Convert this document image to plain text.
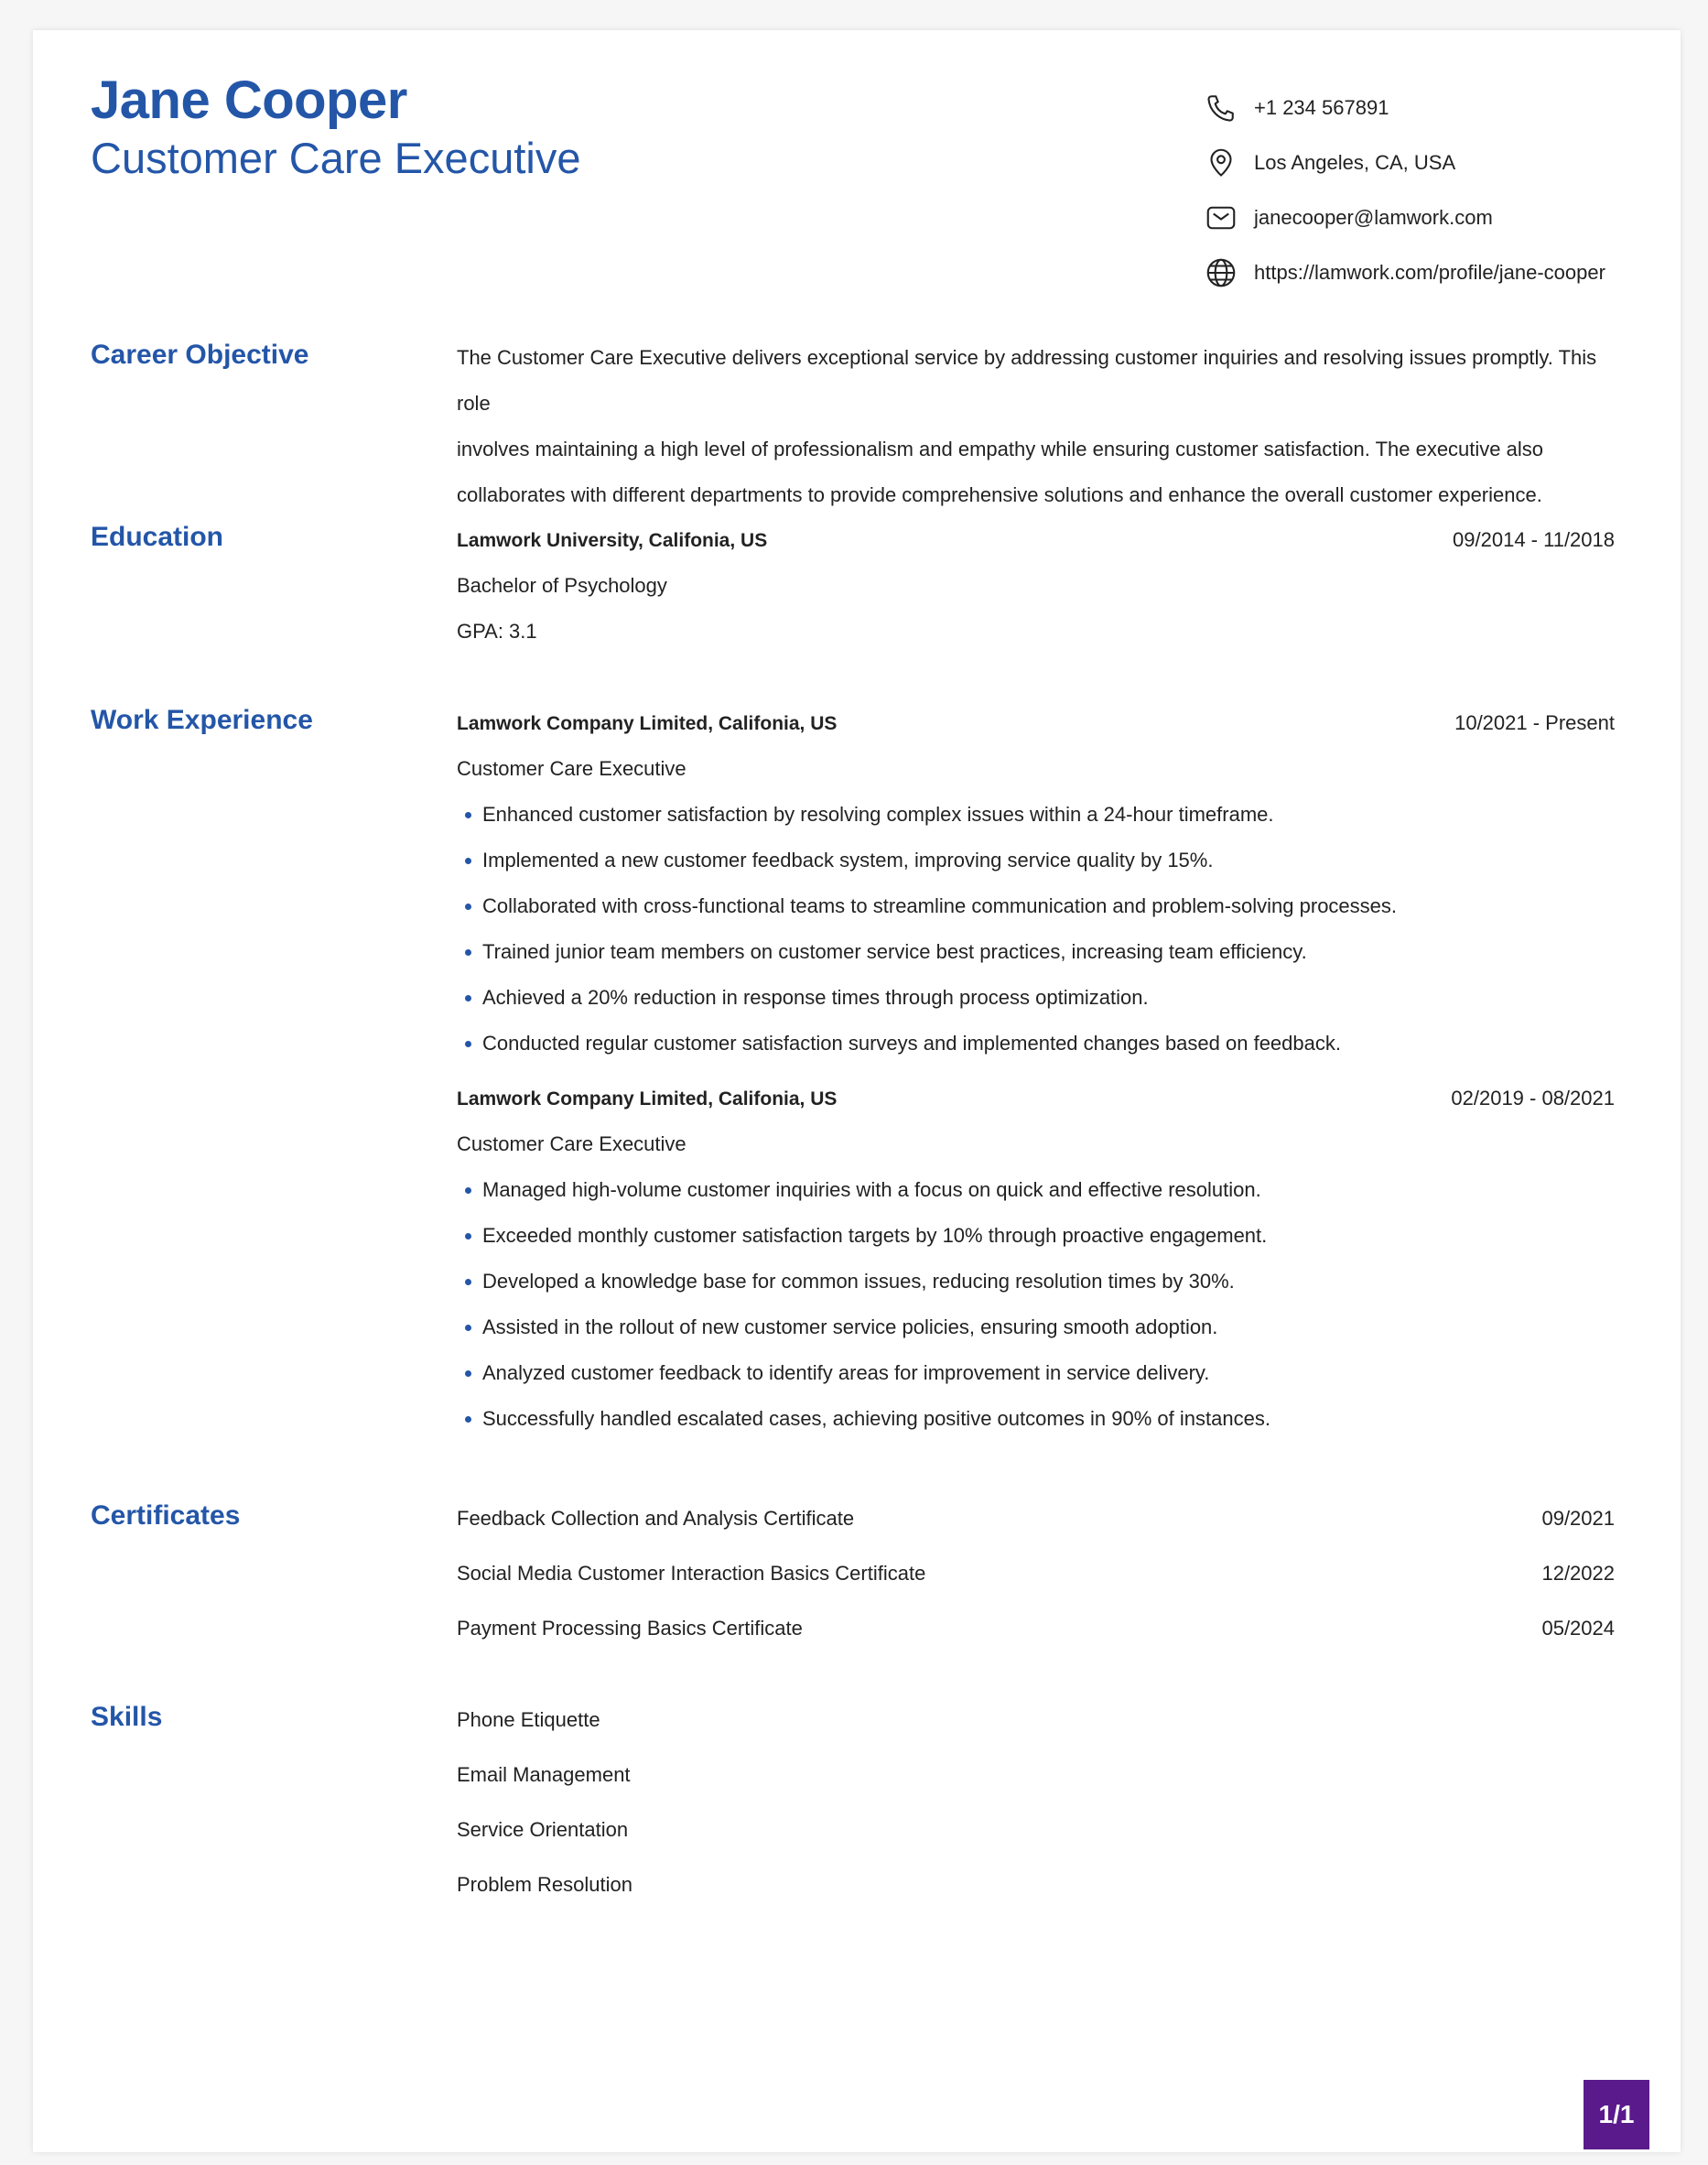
Jane Cooper
Customer Care Executive
+1 234 567891
Los Angeles, CA, USA
janecooper@lamwork.com
https://lamwork.com/profile/jane-cooper
Career Objective	The Customer Care Executive delivers exceptional service by addressing customer inquiries and resolving issues promptly. This role
involves maintaining a high level of professionalism and empathy while ensuring customer satisfaction. The executive also
collaborates with different departments to provide comprehensive solutions and enhance the overall customer experience.
Education	Lamwork University, Califonia, US	09/2014 - 11/2018
Bachelor of Psychology
GPA: 3.1
Work Experience	Lamwork Company Limited, Califonia, US	10/2021 - Present
Customer Care Executive
Enhanced customer satisfaction by resolving complex issues within a 24-hour timeframe.
Implemented a new customer feedback system, improving service quality by 15%.
Collaborated with cross-functional teams to streamline communication and problem-solving processes.
Trained junior team members on customer service best practices, increasing team efficiency.
Achieved a 20% reduction in response times through process optimization.
Conducted regular customer satisfaction surveys and implemented changes based on feedback.
Lamwork Company Limited, Califonia, US	02/2019 - 08/2021
Customer Care Executive
Managed high-volume customer inquiries with a focus on quick and effective resolution.
Exceeded monthly customer satisfaction targets by 10% through proactive engagement.
Developed a knowledge base for common issues, reducing resolution times by 30%.
Assisted in the rollout of new customer service policies, ensuring smooth adoption.
Analyzed customer feedback to identify areas for improvement in service delivery.
Successfully handled escalated cases, achieving positive outcomes in 90% of instances.
Certificates	Feedback Collection and Analysis Certificate	09/2021
Social Media Customer Interaction Basics Certificate	12/2022
Payment Processing Basics Certificate	05/2024
Skills	Phone Etiquette
Email Management
Service Orientation
Problem Resolution
1/1
